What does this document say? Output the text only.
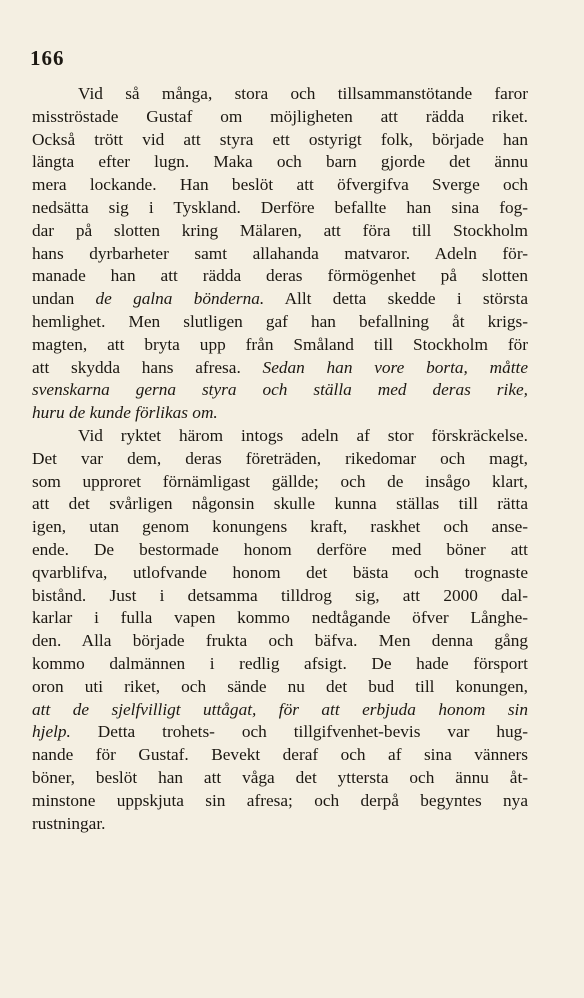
166
Vid så många, stora och tillsammanstötande faror
misströstade Gustaf om möjligheten att rädda riket.
Också trött vid att styra ett ostyrigt folk, började han
längta efter lugn. Maka och barn gjorde det ännu
mera lockande. Han beslöt att öfvergifva Sverge och
nedsätta sig i Tyskland. Derföre befallte han sina fog-
dar på slotten kring Mälaren, att föra till Stockholm
hans dyrbarheter samt allahanda matvaror. Adeln för-
manade han att rädda deras förmögenhet på slotten
undan de galna bönderna. Allt detta skedde i största
hemlighet. Men slutligen gaf han befallning åt krigs-
magten, att bryta upp från Småland till Stockholm för
att skydda hans afresa. Sedan han vore borta, måtte
svenskarna gerna styra och ställa med deras rike,
huru de kunde förlikas om.
Vid ryktet härom intogs adeln af stor förskräckelse.
Det var dem, deras företräden, rikedomar och magt,
som upproret förnämligast gällde; och de insågo klart,
att det svårligen någonsin skulle kunna ställas till rätta
igen, utan genom konungens kraft, raskhet och anse-
ende. De bestormade honom derföre med böner att
qvarblifva, utlofvande honom det bästa och trognaste
bistånd. Just i detsamma tilldrog sig, att 2000 dal-
karlar i fulla vapen kommo nedtågande öfver Långhe-
den. Alla började frukta och bäfva. Men denna gång
kommo dalmännen i redlig afsigt. De hade försport
oron uti riket, och sände nu det bud till konungen,
att de sjelfvilligt uttågat, för att erbjuda honom sin
hjelp. Detta trohets- och tillgifvenhet-bevis var hug-
nande för Gustaf. Bevekt deraf och af sina vänners
böner, beslöt han att våga det yttersta och ännu åt-
minstone uppskjuta sin afresa; och derpå begyntes nya
rustningar.
